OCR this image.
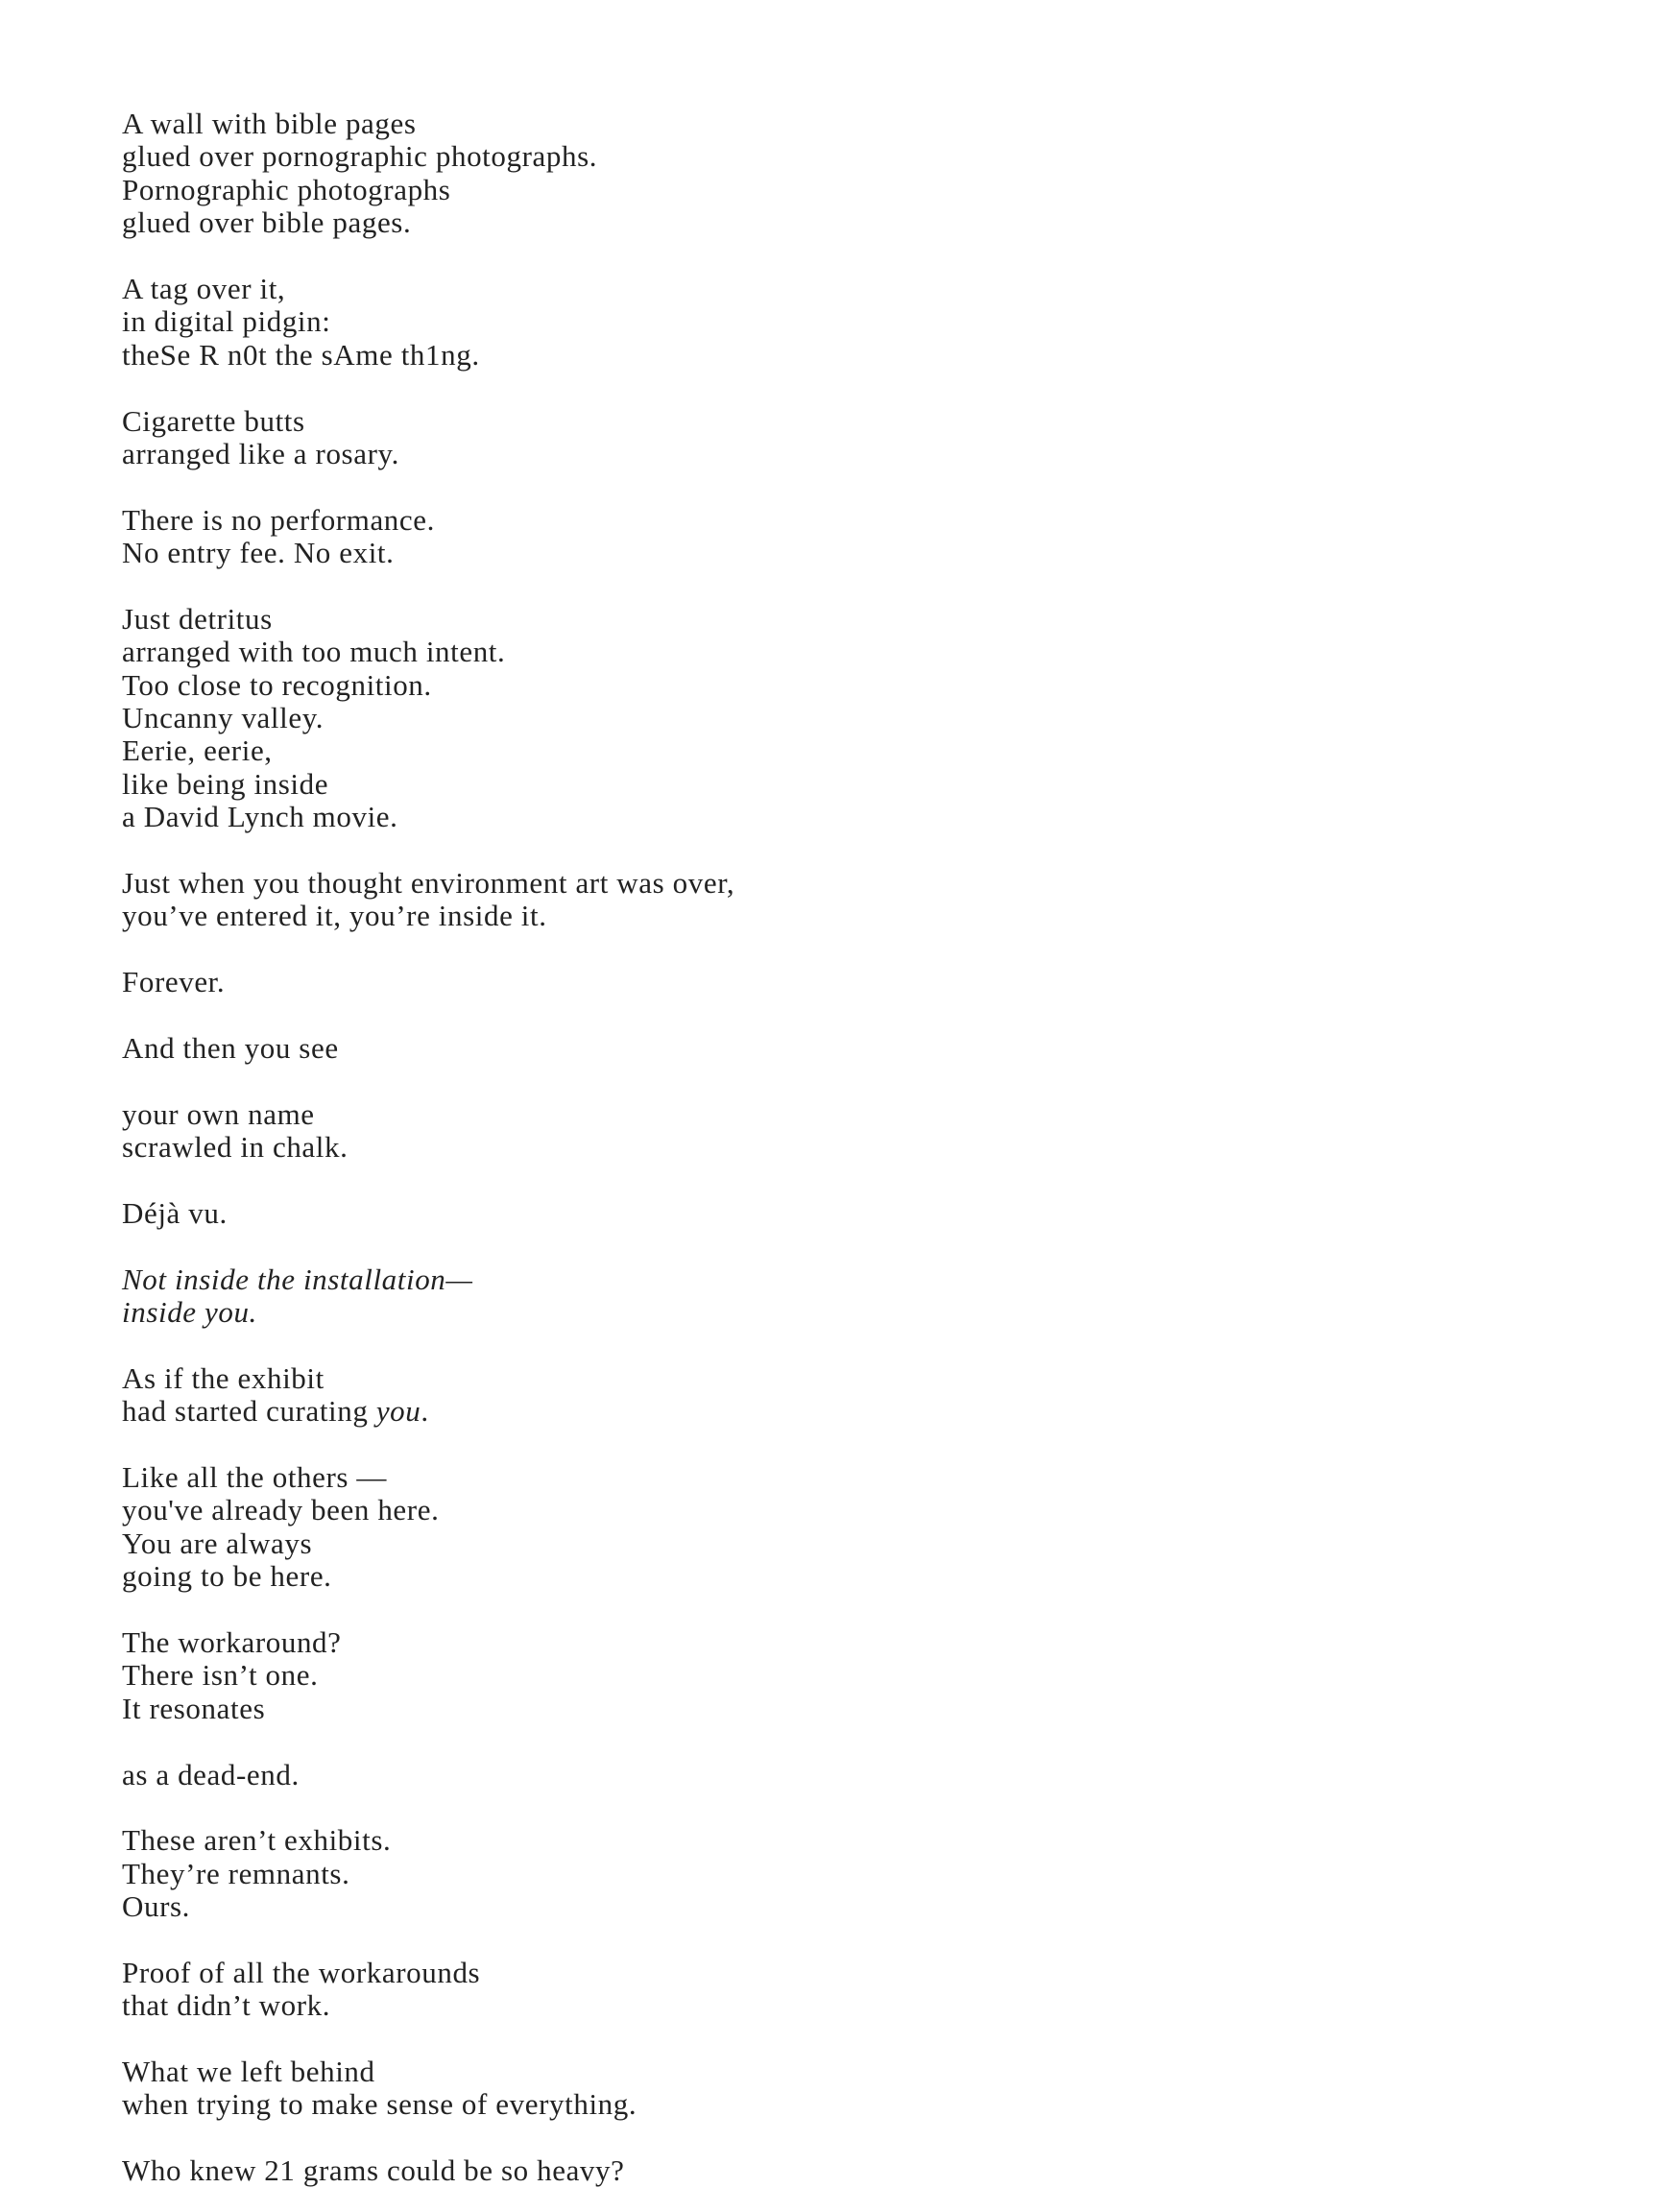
A wall with bible pages
glued over pornographic photographs.
Pornographic photographs
glued over bible pages.
A tag over it,
in digital pidgin:
theSe R n0t the sAme th1ng.
Cigarette butts
arranged like a rosary.
There is no performance.
No entry fee. No exit.
Just detritus
arranged with too much intent.
Too close to recognition.
Uncanny valley.
Eerie, eerie,
like being inside
a David Lynch movie.
Just when you thought environment art was over,
you’ve entered it, you’re inside it.
Forever.
And then you see
your own name
scrawled in chalk.
Déjà vu.
Not inside the installation—
inside you.
As if the exhibit
had started curating you.
Like all the others —
you've already been here.
You are always
going to be here.
The workaround?
There isn’t one.
It resonates
as a dead-end.
These aren’t exhibits.
They’re remnants.
Ours.
Proof of all the workarounds
that didn’t work.
What we left behind
when trying to make sense of everything.
Who knew 21 grams could be so heavy?
